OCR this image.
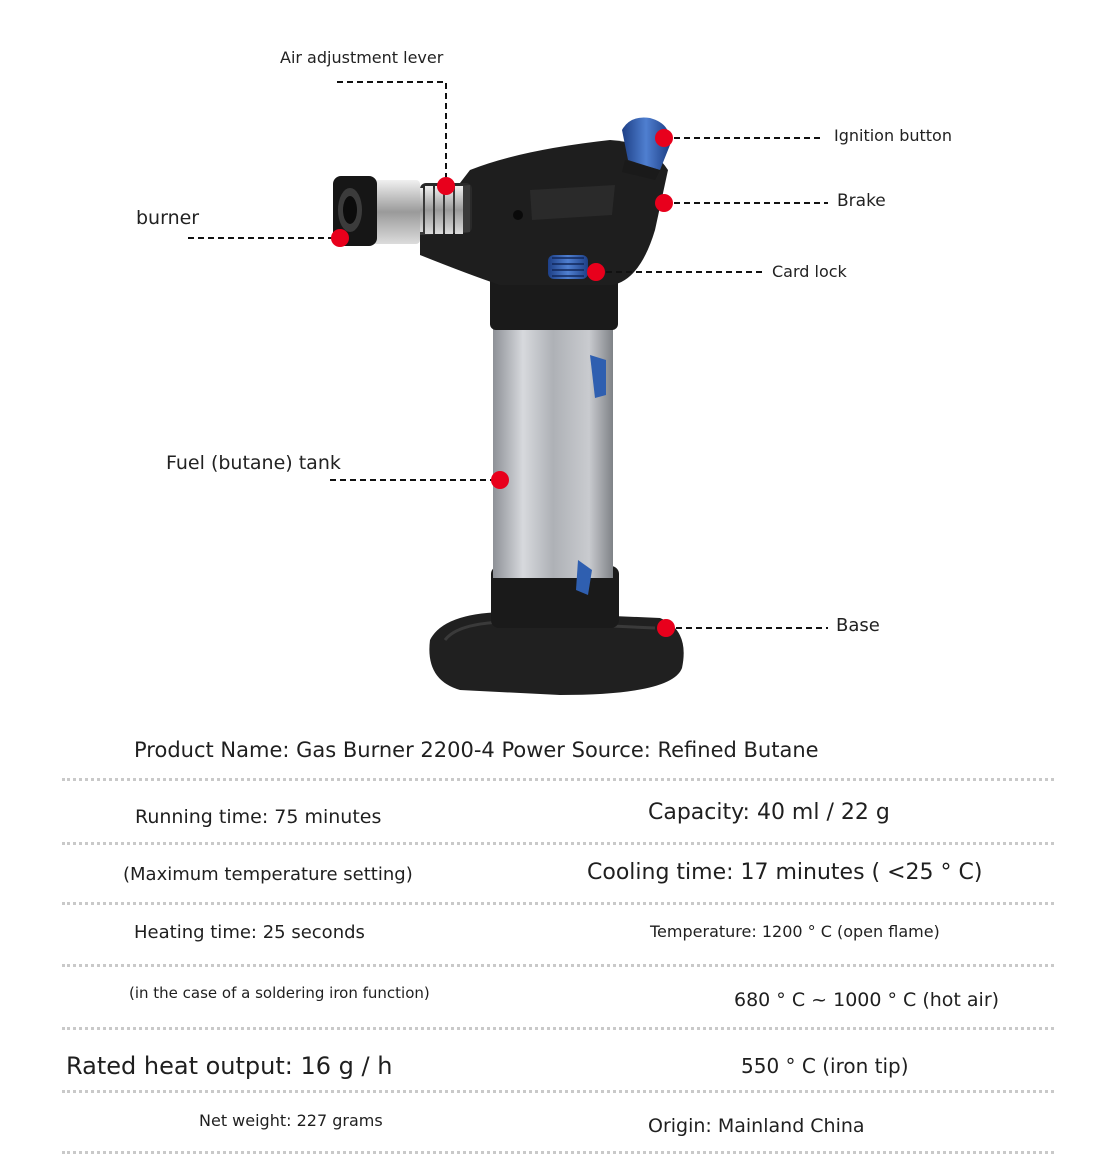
Air adjustment lever
Ignition button
Brake
burner
Card lock
Fuel (butane) tank
Base
Product Name: Gas Burner 2200-4 Power Source: Refined Butane
Running time: 75 minutes	Capacity: 40 ml / 22 g
(Maximum temperature setting)	Cooling time: 17 minutes ( <25 ° C)
Heating time: 25 seconds	Temperature: 1200 ° C (open flame)
(in the case of a soldering iron function)	680 ° C ~ 1000 ° C (hot air)
Rated heat output: 16 g / h	550 ° C (iron tip)
Net weight: 227 grams	Origin: Mainland China
